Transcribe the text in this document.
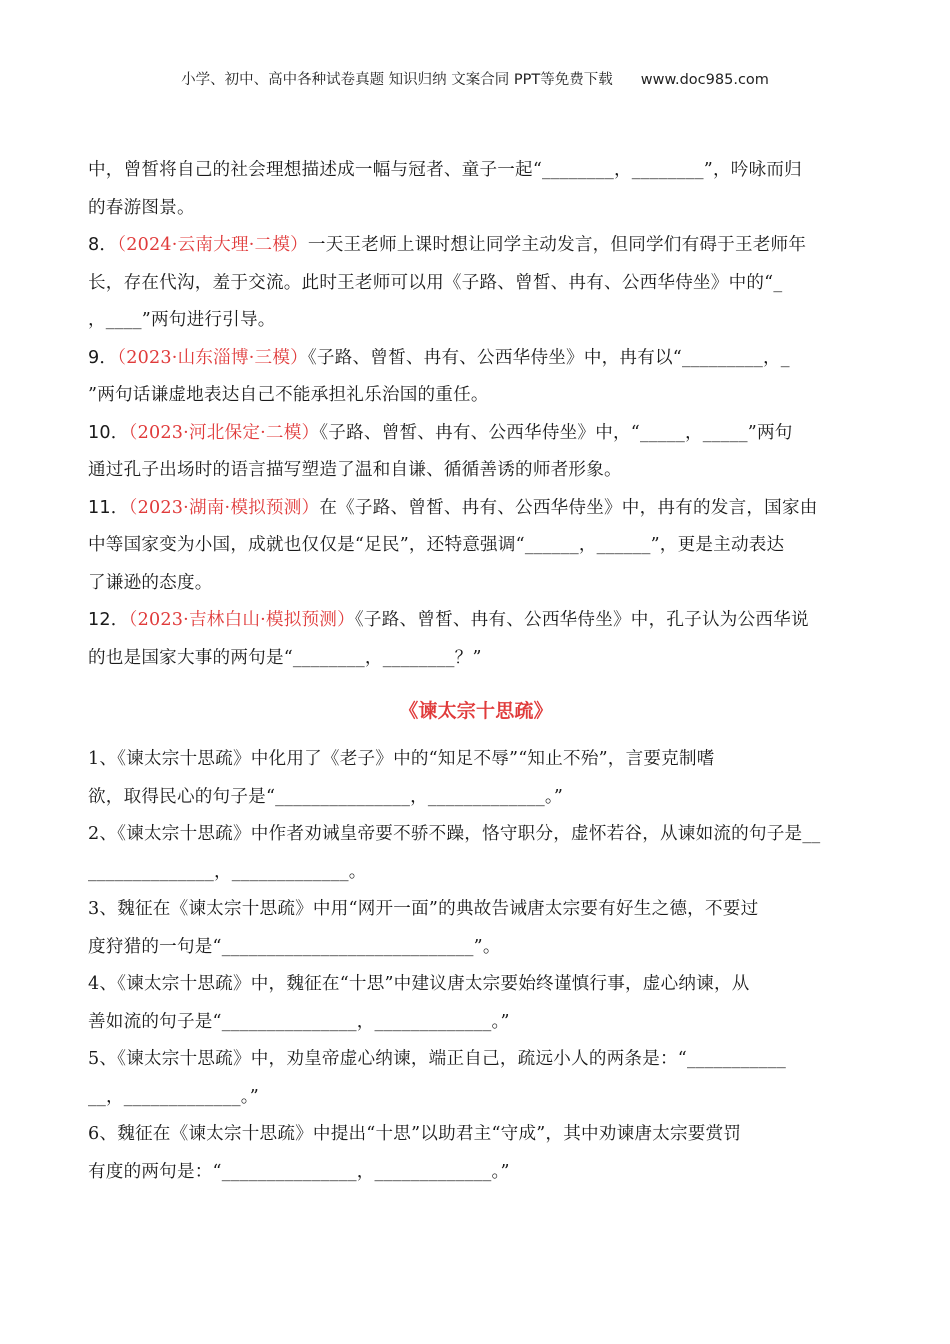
小学、初中、高中各种试卷真题 知识归纳 文案合同 PPT等免费下载 www.doc985.com

中，曾皙将自己的社会理想描述成一幅与冠者、童子一起“________，________”，吟咏而归
的春游图景。

8．（2024·云南大理·二模）一天王老师上课时想让同学主动发言，但同学们有碍于王老师年
长，存在代沟，羞于交流。此时王老师可以用《子路、曾皙、冉有、公西华侍坐》中的“_
，____”两句进行引导。

9．（2023·山东淄博·三模）《子路、曾皙、冉有、公西华侍坐》中，冉有以“_________，_
”两句话谦虚地表达自己不能承担礼乐治国的重任。

10．（2023·河北保定·二模）《子路、曾皙、冉有、公西华侍坐》中，“_____，_____”两句
通过孔子出场时的语言描写塑造了温和自谦、循循善诱的师者形象。

11．（2023·湖南·模拟预测）在《子路、曾皙、冉有、公西华侍坐》中，冉有的发言，国家由
中等国家变为小国，成就也仅仅是“足民”，还特意强调“______，______”，更是主动表达
了谦逊的态度。

12．（2023·吉林白山·模拟预测）《子路、曾皙、冉有、公西华侍坐》中，孔子认为公西华说
的也是国家大事的两句是“________，________？”

《谏太宗十思疏》

1、《谏太宗十思疏》中化用了《老子》中的“知足不辱”“知止不殆”，言要克制嗜
欲，取得民心的句子是“_______________，_____________。”

2、《谏太宗十思疏》中作者劝诫皇帝要不骄不躁，恪守职分，虚怀若谷，从谏如流的句子是__
______________，_____________。

3、魏征在《谏太宗十思疏》中用“网开一面”的典故告诫唐太宗要有好生之德，不要过
度狩猎的一句是“____________________________”。

4、《谏太宗十思疏》中，魏征在“十思”中建议唐太宗要始终谨慎行事，虚心纳谏，从
善如流的句子是“_______________，_____________。”

5、《谏太宗十思疏》中，劝皇帝虚心纳谏，端正自己，疏远小人的两条是：“___________
__，_____________。”

6、魏征在《谏太宗十思疏》中提出“十思”以助君主“守成”，其中劝谏唐太宗要赏罚
有度的两句是：“_______________，_____________。”
